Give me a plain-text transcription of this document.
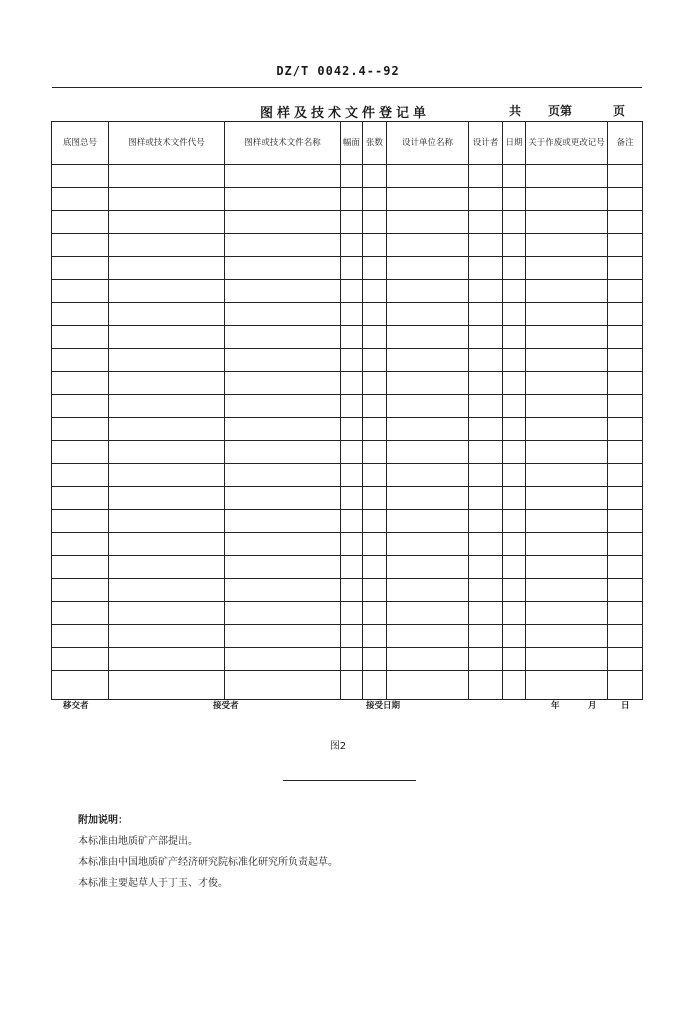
DZ/T 0042.4--92
图样及技术文件登记单	共 页第	页
底图总号	图样或技术文件代号	图样或技术文件名称	幅面	张数	设计单位名称	设计者	日期	关于作废或更改记号	备注

移交者	接受者	接受日期	年	月	日
图2
附加说明：
本标准由地质矿产部提出。
本标准由中国地质矿产经济研究院标准化研究所负责起草。
本标准主要起草人于丁玉、才俊。
